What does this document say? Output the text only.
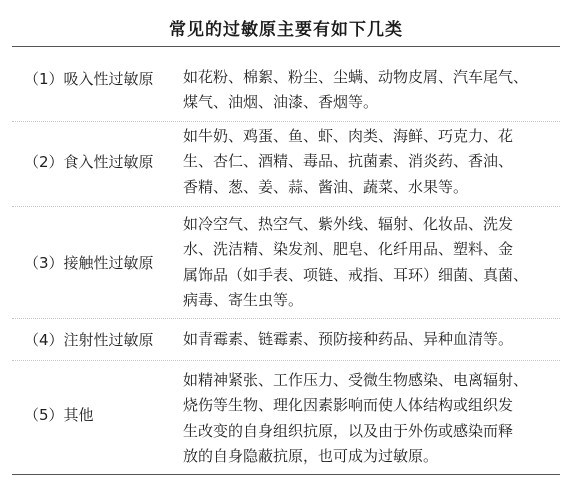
常见的过敏原主要有如下几类
（1）吸入性过敏原	如花粉、棉絮、粉尘、尘螨、动物皮屑、汽车尾气、
煤气、油烟、油漆、香烟等。
（2）食入性过敏原
如牛奶、鸡蛋、鱼、虾、肉类、海鲜、巧克力、花
生、杏仁、酒精、毒品、抗菌素、消炎药、香油、
香精、葱、姜、蒜、酱油、蔬菜、水果等。
（3）接触性过敏原
如冷空气、热空气、紫外线、辐射、化妆品、洗发
水、洗洁精、染发剂、肥皂、化纤用品、塑料、金
属饰品（如手表、项链、戒指、耳环）细菌、真菌、
病毒、寄生虫等。
（4）注射性过敏原	如青霉素、链霉素、预防接种药品、异种血清等。
（5）其他
如精神紧张、工作压力、受微生物感染、电离辐射、
烧伤等生物、理化因素影响而使人体结构或组织发
生改变的自身组织抗原，以及由于外伤或感染而释
放的自身隐蔽抗原，也可成为过敏原。
